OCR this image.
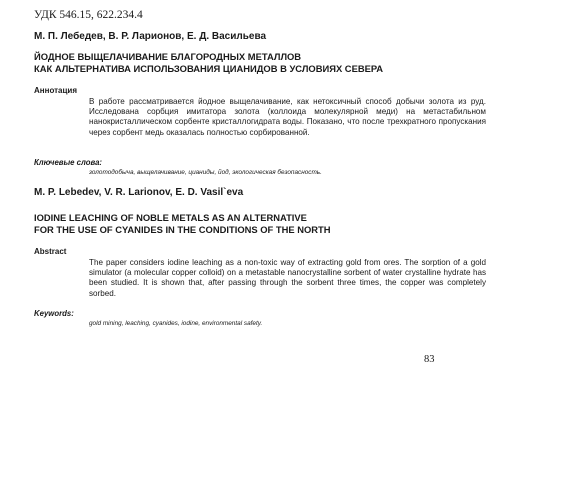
УДК 546.15, 622.234.4
М. П. Лебедев, В. Р. Ларионов, Е. Д. Васильева
ЙОДНОЕ ВЫЩЕЛАЧИВАНИЕ БЛАГОРОДНЫХ МЕТАЛЛОВ
КАК АЛЬТЕРНАТИВА ИСПОЛЬЗОВАНИЯ ЦИАНИДОВ В УСЛОВИЯХ СЕВЕРА
Аннотация
В работе рассматривается йодное выщелачивание, как нетоксичный способ добычи золота из руд. Исследована сорбция имитатора золота (коллоида молекулярной меди) на метастабильном нанокристаллическом сорбенте кристаллогидрата воды. Показано, что после трехкратного пропускания через сорбент медь оказалась полностью сорбированной.
Ключевые слова:
золотодобыча, выщелачивание, цианиды, йод, экологическая безопасность.
M. P. Lebedev, V. R. Larionov, E. D. Vasil`eva
IODINE LEACHING OF NOBLE METALS AS AN ALTERNATIVE
FOR THE USE OF CYANIDES IN THE CONDITIONS OF THE NORTH
Abstract
The paper considers iodine leaching as a non-toxic way of extracting gold from ores. The sorption of a gold simulator (a molecular copper colloid) on a metastable nanocrystalline sorbent of water crystalline hydrate has been studied. It is shown that, after passing through the sorbent three times, the copper was completely sorbed.
Keywords:
gold mining, leaching, cyanides, iodine, environmental safety.
83
